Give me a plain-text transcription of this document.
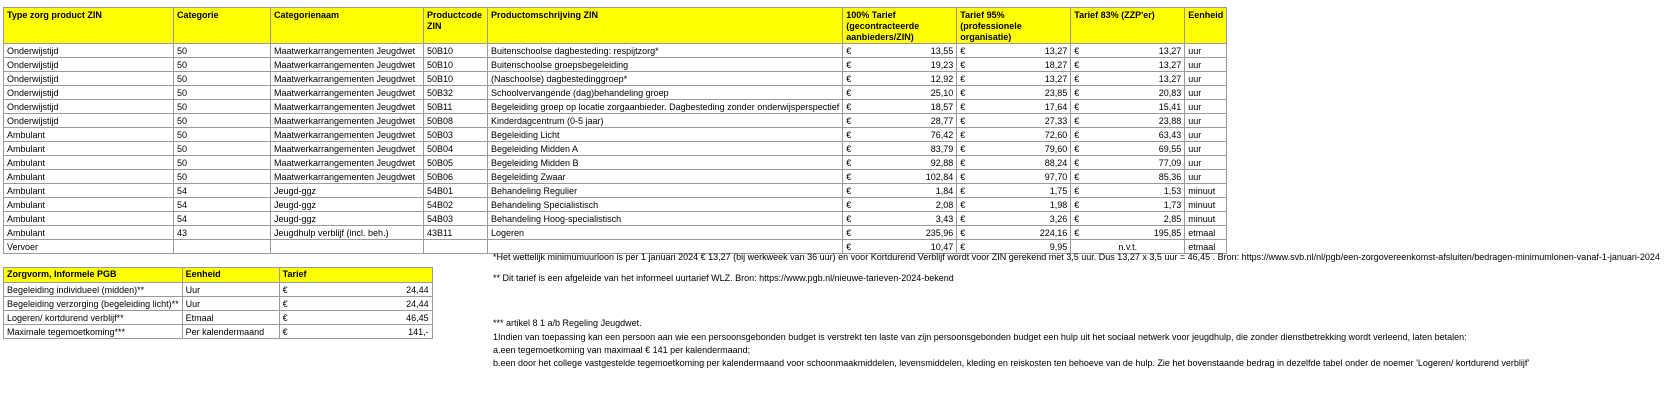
Type zorg product ZIN	Categorie	Categorienaam	Productcode ZIN	Productomschrijving ZIN	100% Tarief (gecontracteerde aanbieders/ZIN)	Tarief 95% (professionele organisatie)	Tarief 83% (ZZP'er)	Eenheid
Onderwijstijd	50	Maatwerkarrangementen Jeugdwet	50B10	Buitenschoolse dagbesteding: respijtzorg*	€ 13,55	€ 13,27	€ 13,27	uur
Onderwijstijd	50	Maatwerkarrangementen Jeugdwet	50B10	Buitenschoolse groepsbegeleiding	€ 19,23	€ 18,27	€ 13,27	uur
Onderwijstijd	50	Maatwerkarrangementen Jeugdwet	50B10	(Naschoolse) dagbestedinggroep*	€ 12,92	€ 13,27	€ 13,27	uur
Onderwijstijd	50	Maatwerkarrangementen Jeugdwet	50B32	Schoolvervangende (dag)behandeling groep	€ 25,10	€ 23,85	€ 20,83	uur
Onderwijstijd	50	Maatwerkarrangementen Jeugdwet	50B11	Begeleiding groep op locatie zorgaanbieder. Dagbesteding zonder onderwijsperspectief	€ 18,57	€ 17,64	€ 15,41	uur
Onderwijstijd	50	Maatwerkarrangementen Jeugdwet	50B08	Kinderdagcentrum (0-5 jaar)	€ 28,77	€ 27,33	€ 23,88	uur
Ambulant	50	Maatwerkarrangementen Jeugdwet	50B03	Begeleiding Licht	€ 76,42	€ 72,60	€ 63,43	uur
Ambulant	50	Maatwerkarrangementen Jeugdwet	50B04	Begeleiding Midden A	€ 83,79	€ 79,60	€ 69,55	uur
Ambulant	50	Maatwerkarrangementen Jeugdwet	50B05	Begeleiding Midden B	€ 92,88	€ 88,24	€ 77,09	uur
Ambulant	50	Maatwerkarrangementen Jeugdwet	50B06	Begeleiding Zwaar	€ 102,84	€ 97,70	€ 85,36	uur
Ambulant	54	Jeugd-ggz	54B01	Behandeling Regulier	€ 1,84	€ 1,75	€ 1,53	minuut
Ambulant	54	Jeugd-ggz	54B02	Behandeling Specialistisch	€ 2,08	€ 1,98	€ 1,73	minuut
Ambulant	54	Jeugd-ggz	54B03	Behandeling Hoog-specialistisch	€ 3,43	€ 3,26	€ 2,85	minuut
Ambulant	43	Jeugdhulp verblijf (incl. beh.)	43B11	Logeren	€ 235,96	€ 224,16	€ 195,85	etmaal
Vervoer					€ 10,47	€ 9,95	n.v.t.	etmaal
Zorgvorm, Informele PGB	Eenheid	Tarief
Begeleiding individueel (midden)**	Uur	€ 24,44

Begeleiding verzorging (begeleiding licht)**	Uur	€ 24,44

Logeren/ kortdurend verblijf**	Etmaal	€ 46,45

Maximale tegemoetkoming***	Per kalendermaand	€ 141,-
*Het wettelijk minimumuurloon is per 1 januari 2024 € 13,27 (bij werkweek van 36 uur) en voor Kortdurend Verblijf wordt voor ZIN gerekend met 3,5 uur. Dus 13,27 x 3,5 uur = 46,45 . Bron: https://www.svb.nl/nl/pgb/een-zorgovereenkomst-afsluiten/bedragen-minimumlonen-vanaf-1-januari-2024
** Dit tarief is een afgeleide van het informeel uurtarief WLZ. Bron: https://www.pgb.nl/nieuwe-tarieven-2024-bekend
*** artikel 8 1 a/b Regeling Jeugdwet.
1Indien van toepassing kan een persoon aan wie een persoonsgebonden budget is verstrekt ten laste van zijn persoonsgebonden budget een hulp uit het sociaal netwerk voor jeugdhulp, die zonder dienstbetrekking wordt verleend, laten betalen:
a.een tegemoetkoming van maximaal € 141 per kalendermaand;
b.een door het college vastgestelde tegemoetkoming per kalendermaand voor schoonmaakmiddelen, levensmiddelen, kleding en reiskosten ten behoeve van de hulp. Zie het bovenstaande bedrag in dezelfde tabel onder de noemer 'Logeren/ kortdurend verblijf'
